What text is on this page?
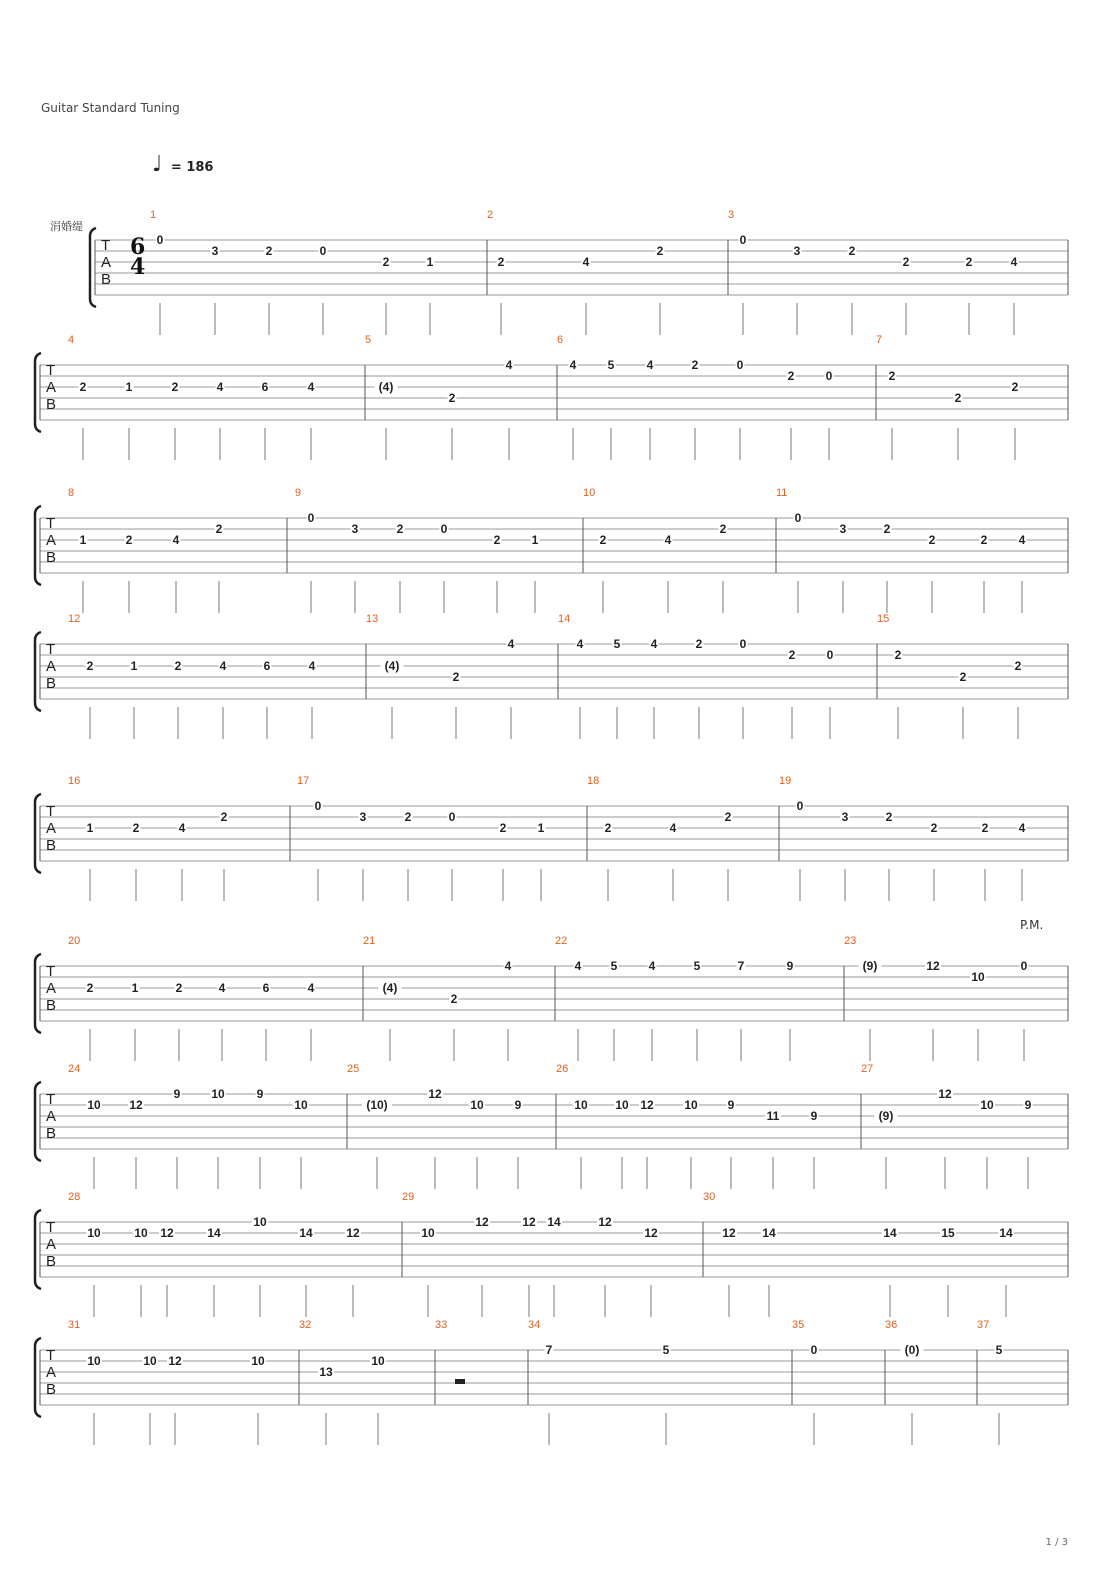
Guitar Standard Tuning
♩ = 186
P.M.
T
A
B
涓婚缇
6
4
1
0
3	2	0
2	1
2
2	4
2
3
0
3	2
2	2	4
T
A
B
4
2	1	2	4	6	4
5
(4)
2
4
6
4	5	4	2	0
2	0
7
2
2
2
T
A
B
8
1	2	4
2
9
0
3	2	0
2	1
10
2	4
2
11
0
3	2
2	2	4
T
A
B
12
2	1	2	4	6	4
13
(4)
2
4
14
4	5	4	2	0
2	0
15
2
2
2
T
A
B
16
1	2	4
2
17
0
3	2	0
2	1
18
2	4
2
19
0
3	2
2	2	4
T
A
B
20
2	1	2	4	6	4
21
(4)
2
4
22
4 5	4	5	7	9
23
(9)	12
10
0
T
A
B
24
10 12
9	10	9
10
25
(10)
12
10	9
26
10 10 12	10 9
11	9
27
(9)
12
10	9
T
A
B
28
10	10 12	14
10
14	12
29
10
12	12 14	12
12
30
12 14	14	15	14
T
A
B
31
10	10 12	10
32
13
10
33	34
7	5
35
0
36
(0)
37
5
1 / 3
